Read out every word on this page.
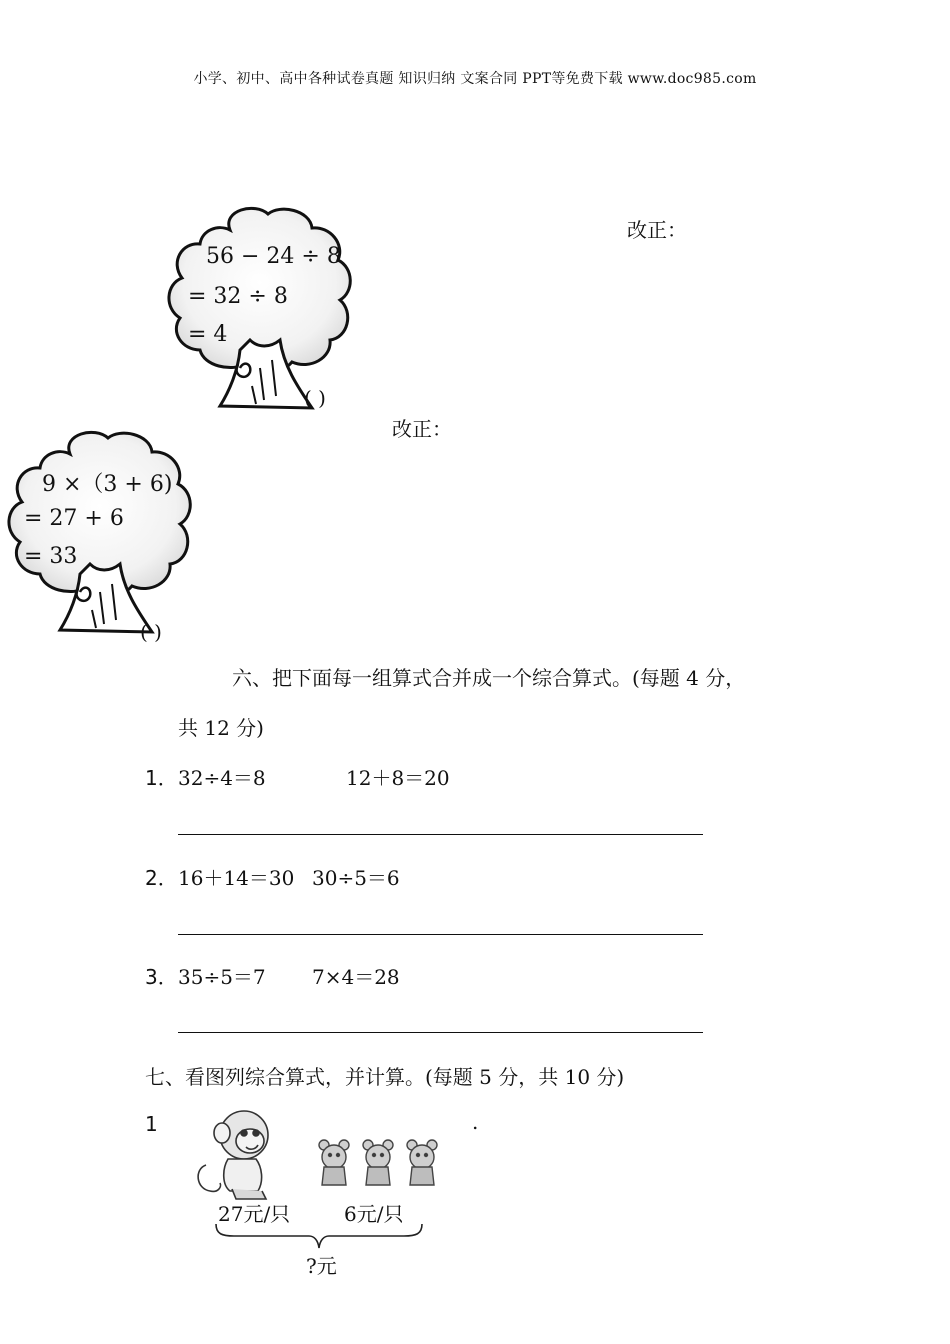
小学、初中、高中各种试卷真题 知识归纳 文案合同 PPT等免费下载 www.doc985.com
56 − 24 ÷ 8
= 32 ÷ 8
= 4
( )
改正：
改正：
9 ×（3 + 6)
= 27 + 6
= 33
( )
六、把下面每一组算式合并成一个综合算式。(每题 4 分，
共 12 分)
1． 32÷4＝8	12＋8＝20
2． 16＋14＝30 30÷5＝6
3． 35÷5＝7 7×4＝28
七、看图列综合算式，并计算。(每题 5 分，共 10 分)
1	.
27元/只	6元/只
?元
